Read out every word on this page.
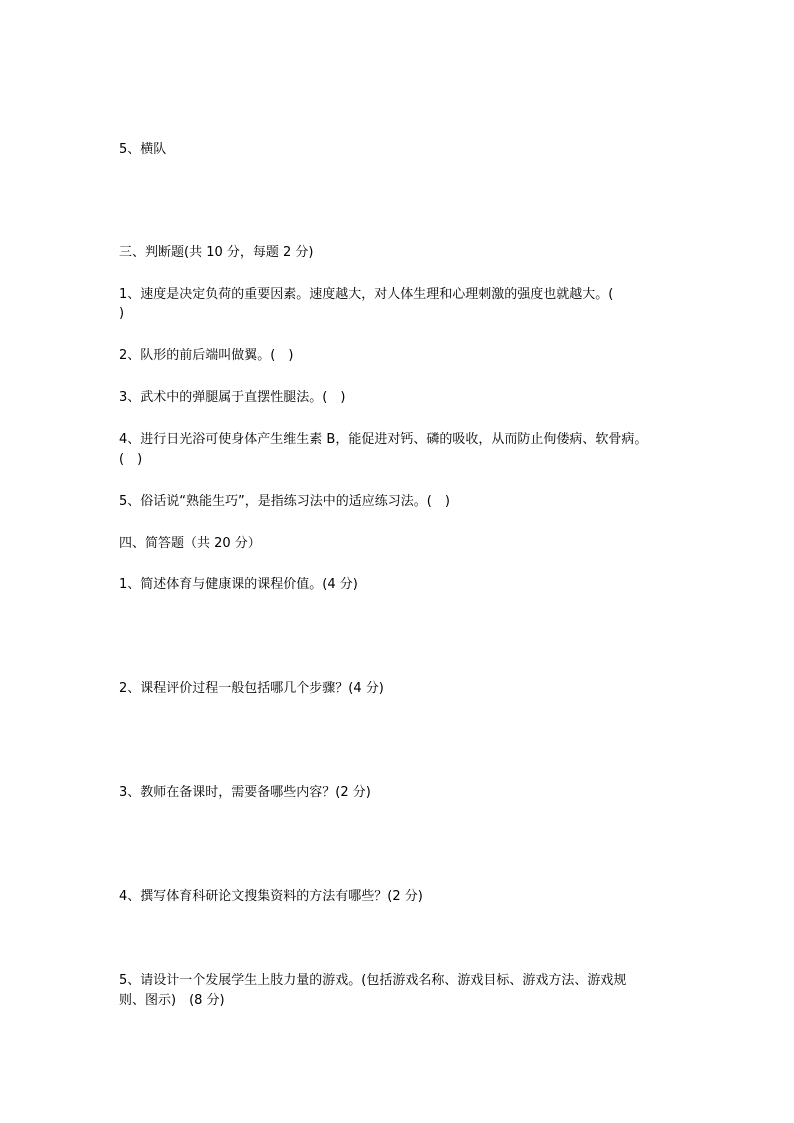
5、横队
三、判断题(共 10 分，每题 2 分)
1、速度是决定负荷的重要因素。速度越大，对人体生理和心理刺激的强度也就越大。(
)
2、队形的前后端叫做翼。(　)
3、武术中的弹腿属于直摆性腿法。(　)
4、进行日光浴可使身体产生维生素 B，能促进对钙、磷的吸收，从而防止佝偻病、软骨病。
(　)
5、俗话说“熟能生巧”，是指练习法中的适应练习法。(　)
四、简答题（共 20 分）
1、简述体育与健康课的课程价值。(4 分)
2、课程评价过程一般包括哪几个步骤？(4 分)
3、教师在备课时，需要备哪些内容？(2 分)
4、撰写体育科研论文搜集资料的方法有哪些？(2 分)
5、请设计一个发展学生上肢力量的游戏。(包括游戏名称、游戏目标、游戏方法、游戏规
则、图示)　(8 分)
